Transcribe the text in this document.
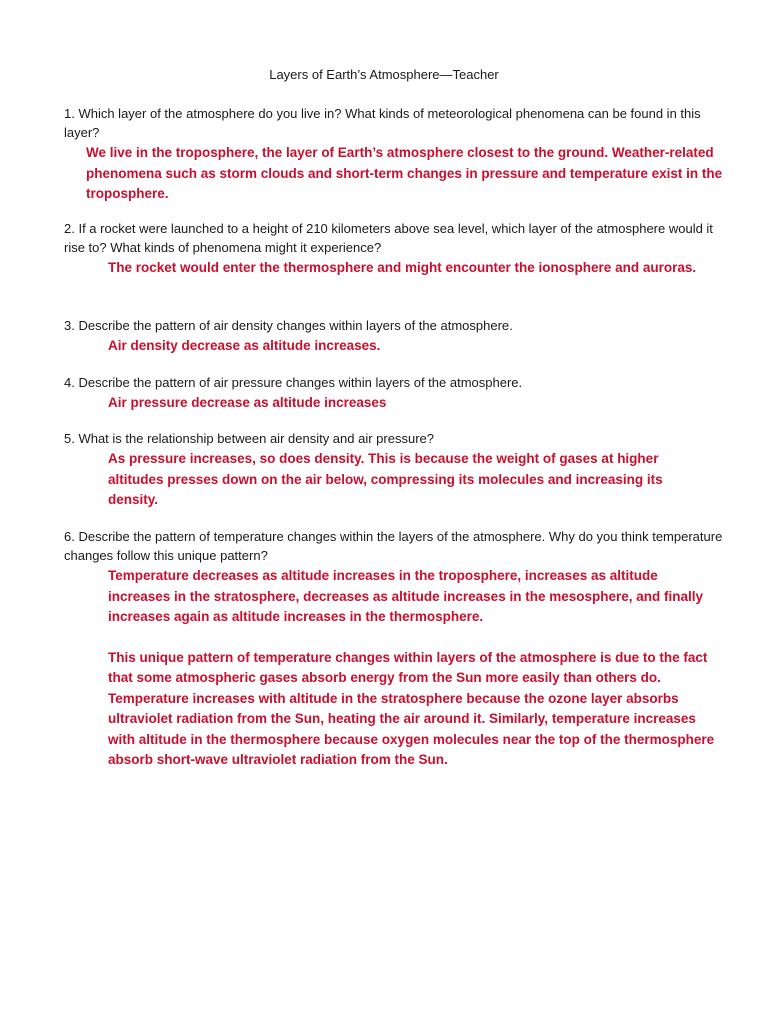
Layers of Earth’s Atmosphere—Teacher
1. Which layer of the atmosphere do you live in? What kinds of meteorological phenomena can be found in this layer?

We live in the troposphere, the layer of Earth’s atmosphere closest to the ground. Weather-related phenomena such as storm clouds and short-term changes in pressure and temperature exist in the troposphere.

2. If a rocket were launched to a height of 210 kilometers above sea level, which layer of the atmosphere would it rise to? What kinds of phenomena might it experience?

The rocket would enter the thermosphere and might encounter the ionosphere and auroras.

3. Describe the pattern of air density changes within layers of the atmosphere.

Air density decrease as altitude increases.

4. Describe the pattern of air pressure changes within layers of the atmosphere.

Air pressure decrease as altitude increases

5. What is the relationship between air density and air pressure?

As pressure increases, so does density. This is because the weight of gases at higher altitudes presses down on the air below, compressing its molecules and increasing its density.

6. Describe the pattern of temperature changes within the layers of the atmosphere. Why do you think temperature changes follow this unique pattern?

Temperature decreases as altitude increases in the troposphere, increases as altitude increases in the stratosphere, decreases as altitude increases in the mesosphere, and finally increases again as altitude increases in the thermosphere.

This unique pattern of temperature changes within layers of the atmosphere is due to the fact that some atmospheric gases absorb energy from the Sun more easily than others do. Temperature increases with altitude in the stratosphere because the ozone layer absorbs ultraviolet radiation from the Sun, heating the air around it. Similarly, temperature increases with altitude in the thermosphere because oxygen molecules near the top of the thermosphere absorb short-wave ultraviolet radiation from the Sun.
